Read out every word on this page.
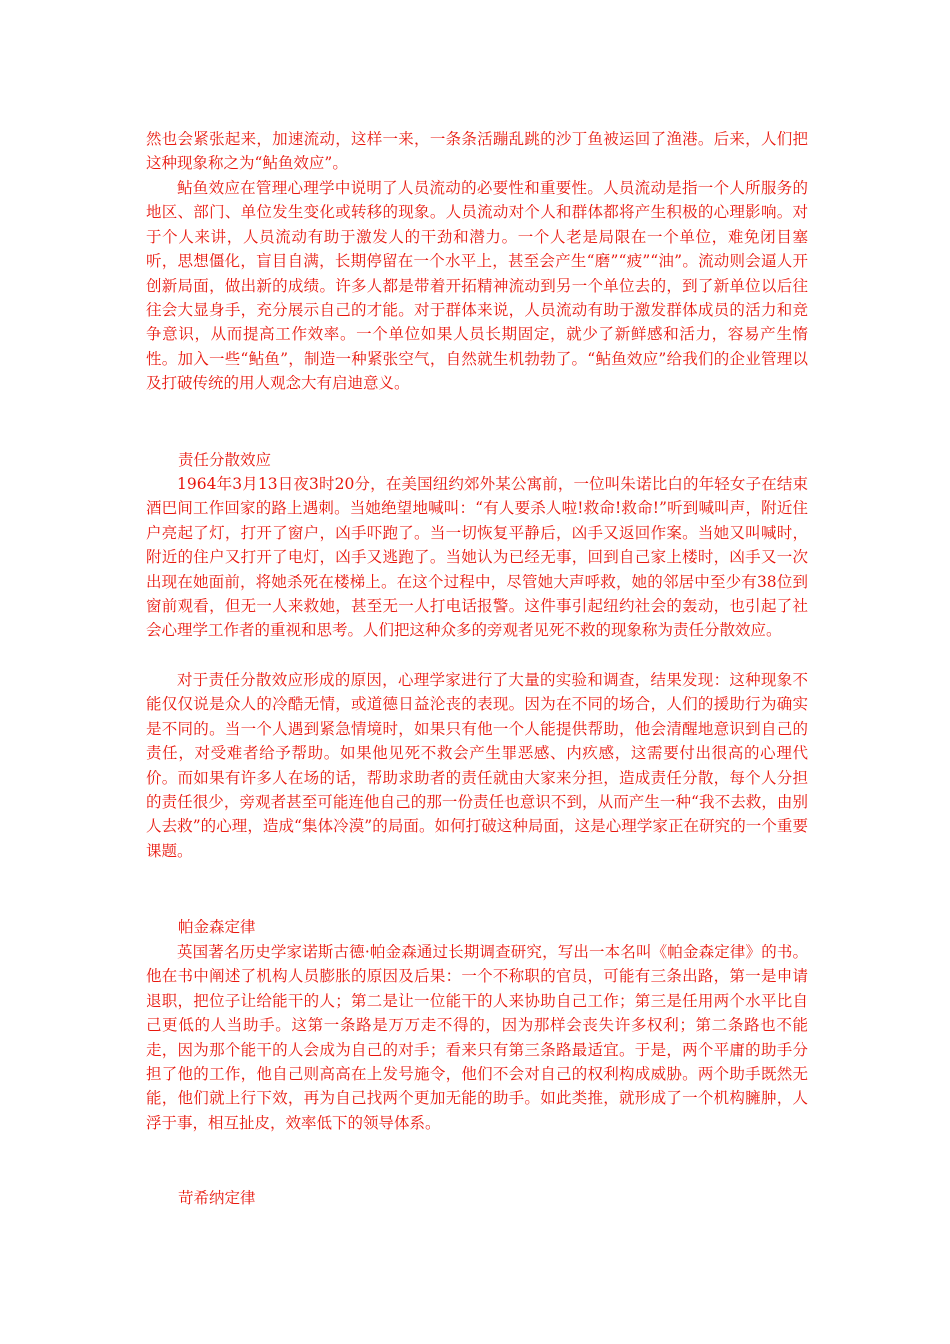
然也会紧张起来，加速流动，这样一来，一条条活蹦乱跳的沙丁鱼被运回了渔港。后来，人们把这种现象称之为“鲇鱼效应”。

鲇鱼效应在管理心理学中说明了人员流动的必要性和重要性。人员流动是指一个人所服务的地区、部门、单位发生变化或转移的现象。人员流动对个人和群体都将产生积极的心理影响。对于个人来讲，人员流动有助于激发人的干劲和潜力。一个人老是局限在一个单位，难免闭目塞听，思想僵化，盲目自满，长期停留在一个水平上，甚至会产生“磨”“疲”“油”。流动则会逼人开创新局面，做出新的成绩。许多人都是带着开拓精神流动到另一个单位去的，到了新单位以后往往会大显身手，充分展示自己的才能。对于群体来说，人员流动有助于激发群体成员的活力和竞争意识，从而提高工作效率。一个单位如果人员长期固定，就少了新鲜感和活力，容易产生惰性。加入一些“鲇鱼”，制造一种紧张空气，自然就生机勃勃了。“鲇鱼效应”给我们的企业管理以及打破传统的用人观念大有启迪意义。

责任分散效应

1964年3月13日夜3时20分，在美国纽约郊外某公寓前，一位叫朱诺比白的年轻女子在结束酒巴间工作回家的路上遇刺。当她绝望地喊叫：“有人要杀人啦!救命!救命!”听到喊叫声，附近住户亮起了灯，打开了窗户，凶手吓跑了。当一切恢复平静后，凶手又返回作案。当她又叫喊时，附近的住户又打开了电灯，凶手又逃跑了。当她认为已经无事，回到自己家上楼时，凶手又一次出现在她面前，将她杀死在楼梯上。在这个过程中，尽管她大声呼救，她的邻居中至少有38位到窗前观看，但无一人来救她，甚至无一人打电话报警。这件事引起纽约社会的轰动，也引起了社会心理学工作者的重视和思考。人们把这种众多的旁观者见死不救的现象称为责任分散效应。

对于责任分散效应形成的原因，心理学家进行了大量的实验和调查，结果发现：这种现象不能仅仅说是众人的冷酷无情，或道德日益沦丧的表现。因为在不同的场合，人们的援助行为确实是不同的。当一个人遇到紧急情境时，如果只有他一个人能提供帮助，他会清醒地意识到自己的责任，对受难者给予帮助。如果他见死不救会产生罪恶感、内疚感，这需要付出很高的心理代价。而如果有许多人在场的话，帮助求助者的责任就由大家来分担，造成责任分散，每个人分担的责任很少，旁观者甚至可能连他自己的那一份责任也意识不到，从而产生一种“我不去救，由别人去救”的心理，造成“集体冷漠”的局面。如何打破这种局面，这是心理学家正在研究的一个重要课题。

帕金森定律

英国著名历史学家诺斯古德·帕金森通过长期调查研究，写出一本名叫《帕金森定律》的书。他在书中阐述了机构人员膨胀的原因及后果：一个不称职的官员，可能有三条出路，第一是申请退职，把位子让给能干的人；第二是让一位能干的人来协助自己工作；第三是任用两个水平比自己更低的人当助手。这第一条路是万万走不得的，因为那样会丧失许多权利；第二条路也不能走，因为那个能干的人会成为自己的对手；看来只有第三条路最适宜。于是，两个平庸的助手分担了他的工作，他自己则高高在上发号施令，他们不会对自己的权利构成威胁。两个助手既然无能，他们就上行下效，再为自己找两个更加无能的助手。如此类推，就形成了一个机构臃肿，人浮于事，相互扯皮，效率低下的领导体系。

苛希纳定律
